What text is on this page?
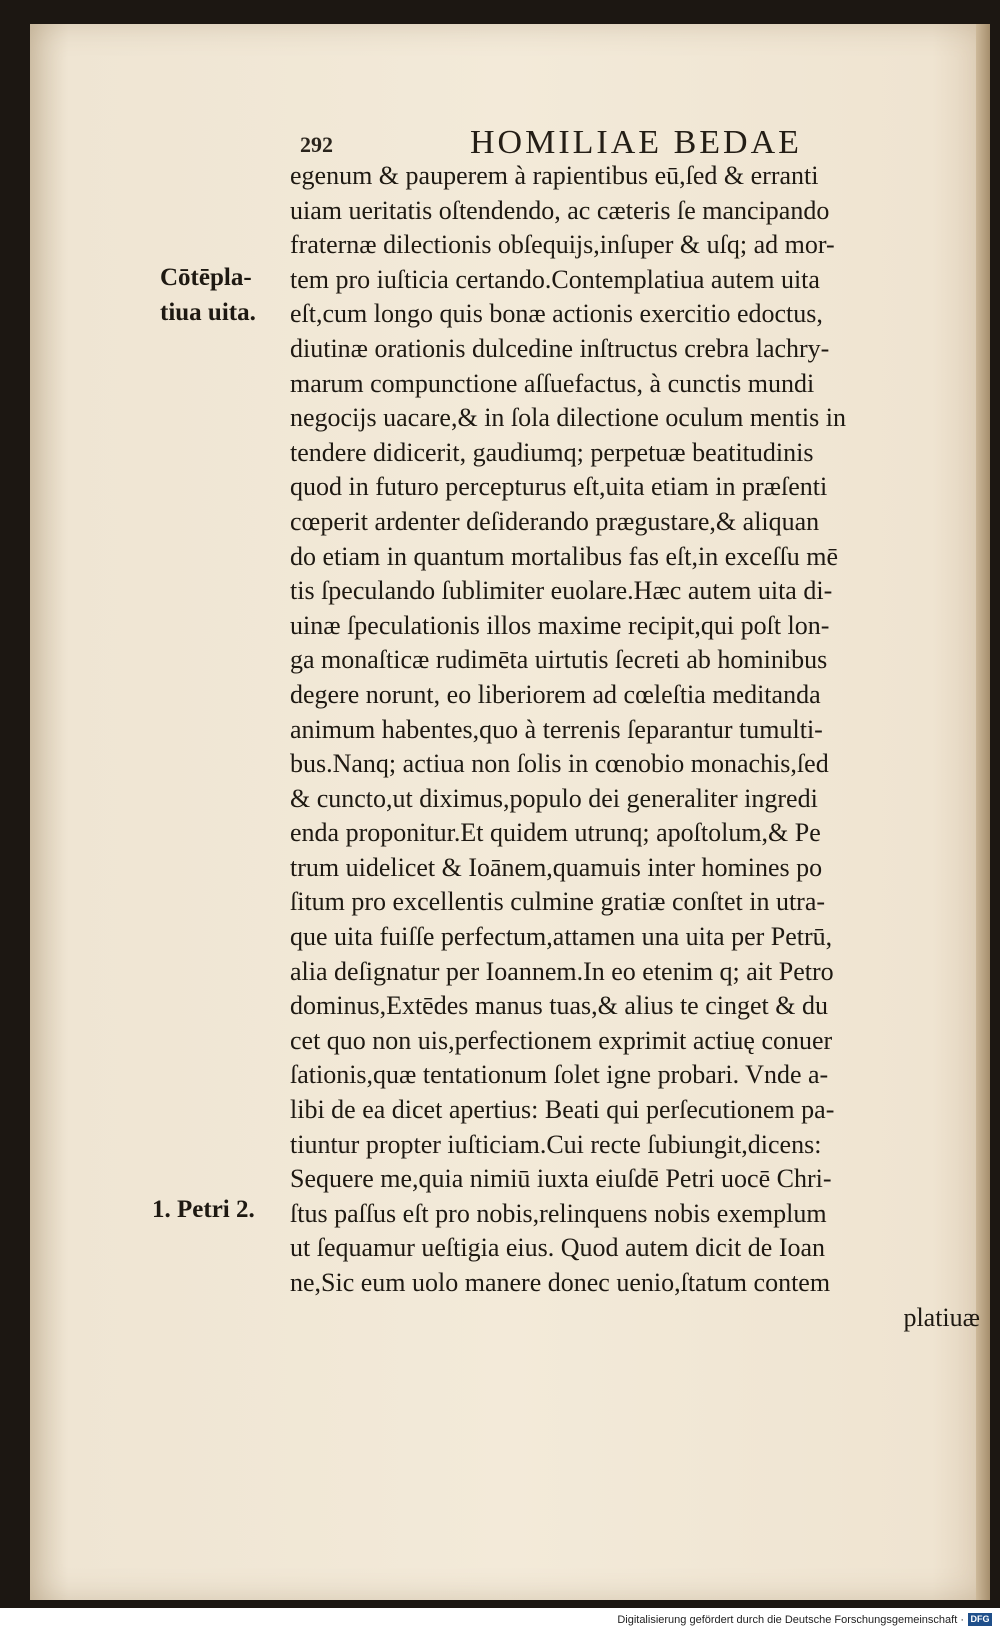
292	HOMILIAE BEDAE
Cōtēpla-
tiua uita.
1. Petri 2.
egenum & pauperem à rapientibus eū,ſed & erranti
uiam ueritatis oſtendendo, ac cæteris ſe mancipando
fraternæ dilectionis obſequijs,inſuper & uſq; ad mor-
tem pro iuſticia certando.Contemplatiua autem uita
eſt,cum longo quis bonæ actionis exercitio edoctus,
diutinæ orationis dulcedine inſtructus crebra lachry-
marum compunctione aſſuefactus, à cunctis mundi
negocijs uacare,& in ſola dilectione oculum mentis in
tendere didicerit, gaudiumq; perpetuæ beatitudinis
quod in futuro percepturus eſt,uita etiam in præſenti
cœperit ardenter deſiderando prægustare,& aliquan
do etiam in quantum mortalibus fas eſt,in exceſſu mē
tis ſpeculando ſublimiter euolare.Hæc autem uita di-
uinæ ſpeculationis illos maxime recipit,qui poſt lon-
ga monaſticæ rudimēta uirtutis ſecreti ab hominibus
degere norunt, eo liberiorem ad cœleſtia meditanda
animum habentes,quo à terrenis ſeparantur tumulti-
bus.Nanq; actiua non ſolis in cœnobio monachis,ſed
& cuncto,ut diximus,populo dei generaliter ingredi
enda proponitur.Et quidem utrunq; apoſtolum,& Pe
trum uidelicet & Ioānem,quamuis inter homines po
ſitum pro excellentis culmine gratiæ conſtet in utra-
que uita fuiſſe perfectum,attamen una uita per Petrū,
alia deſignatur per Ioannem.In eo etenim q; ait Petro
dominus,Extēdes manus tuas,& alius te cinget & du
cet quo non uis,perfectionem exprimit actiuę conuer
ſationis,quæ tentationum ſolet igne probari. Vnde a-
libi de ea dicet apertius: Beati qui perſecutionem pa-
tiuntur propter iuſticiam.Cui recte ſubiungit,dicens:
Sequere me,quia nimiū iuxta eiuſdē Petri uocē Chri-
ſtus paſſus eſt pro nobis,relinquens nobis exemplum
ut ſequamur ueſtigia eius. Quod autem dicit de Ioan
ne,Sic eum uolo manere donec uenio,ſtatum contem
platiuæ
Digitalisierung gefördert durch die Deutsche Forschungsgemeinschaft · DFG
